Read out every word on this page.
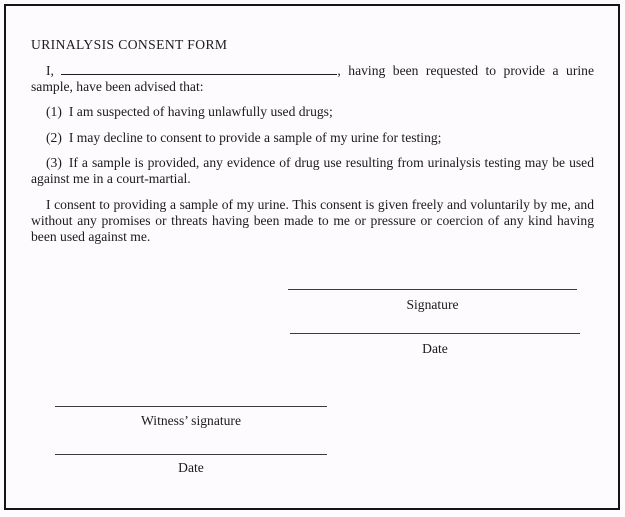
URINALYSIS CONSENT FORM

I,	, having been requested to provide a urine sample, have been advised that:

(1) I am suspected of having unlawfully used drugs;

(2) I may decline to consent to provide a sample of my urine for testing;

(3) If a sample is provided, any evidence of drug use resulting from urinalysis testing may be used against me in a court-martial.

I consent to providing a sample of my urine. This consent is given freely and voluntarily by me, and without any promises or threats having been made to me or pressure or coercion of any kind having been used against me.

Signature
Date
Witness’ signature
Date
